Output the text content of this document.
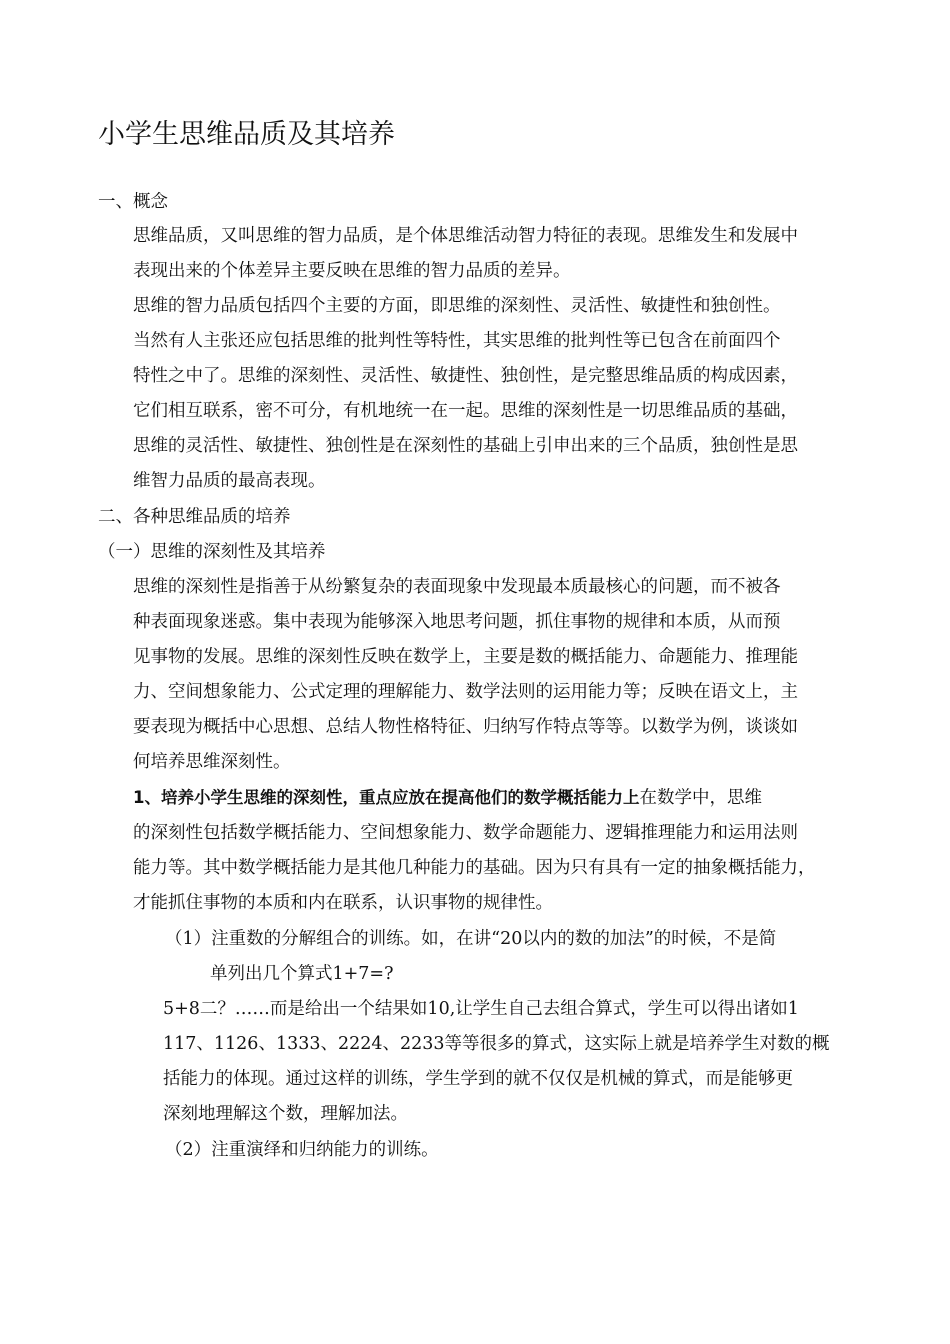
小学生思维品质及其培养
一、概念
思维品质，又叫思维的智力品质，是个体思维活动智力特征的表现。思维发生和发展中
表现出来的个体差异主要反映在思维的智力品质的差异。
思维的智力品质包括四个主要的方面，即思维的深刻性、灵活性、敏捷性和独创性。
当然有人主张还应包括思维的批判性等特性，其实思维的批判性等已包含在前面四个
特性之中了。思维的深刻性、灵活性、敏捷性、独创性，是完整思维品质的构成因素，
它们相互联系，密不可分，有机地统一在一起。思维的深刻性是一切思维品质的基础，
思维的灵活性、敏捷性、独创性是在深刻性的基础上引申出来的三个品质，独创性是思
维智力品质的最高表现。
二、各种思维品质的培养
（一）思维的深刻性及其培养
思维的深刻性是指善于从纷繁复杂的表面现象中发现最本质最核心的问题，而不被各
种表面现象迷惑。集中表现为能够深入地思考问题，抓住事物的规律和本质，从而预
见事物的发展。思维的深刻性反映在数学上，主要是数的概括能力、命题能力、推理能
力、空间想象能力、公式定理的理解能力、数学法则的运用能力等；反映在语文上，主
要表现为概括中心思想、总结人物性格特征、归纳写作特点等等。以数学为例，谈谈如
何培养思维深刻性。
1、培养小学生思维的深刻性，重点应放在提高他们的数学概括能力上在数学中，思维
的深刻性包括数学概括能力、空间想象能力、数学命题能力、逻辑推理能力和运用法则
能力等。其中数学概括能力是其他几种能力的基础。因为只有具有一定的抽象概括能力，
才能抓住事物的本质和内在联系，认识事物的规律性。
（1）注重数的分解组合的训练。如，在讲“20以内的数的加法”的时候，不是简
单列出几个算式1+7=?
5+8二？……而是给出一个结果如10,让学生自己去组合算式，学生可以得出诸如1
117、1126、1333、2224、2233等等很多的算式，这实际上就是培养学生对数的概
括能力的体现。通过这样的训练，学生学到的就不仅仅是机械的算式，而是能够更
深刻地理解这个数，理解加法。
（2）注重演绎和归纳能力的训练。
